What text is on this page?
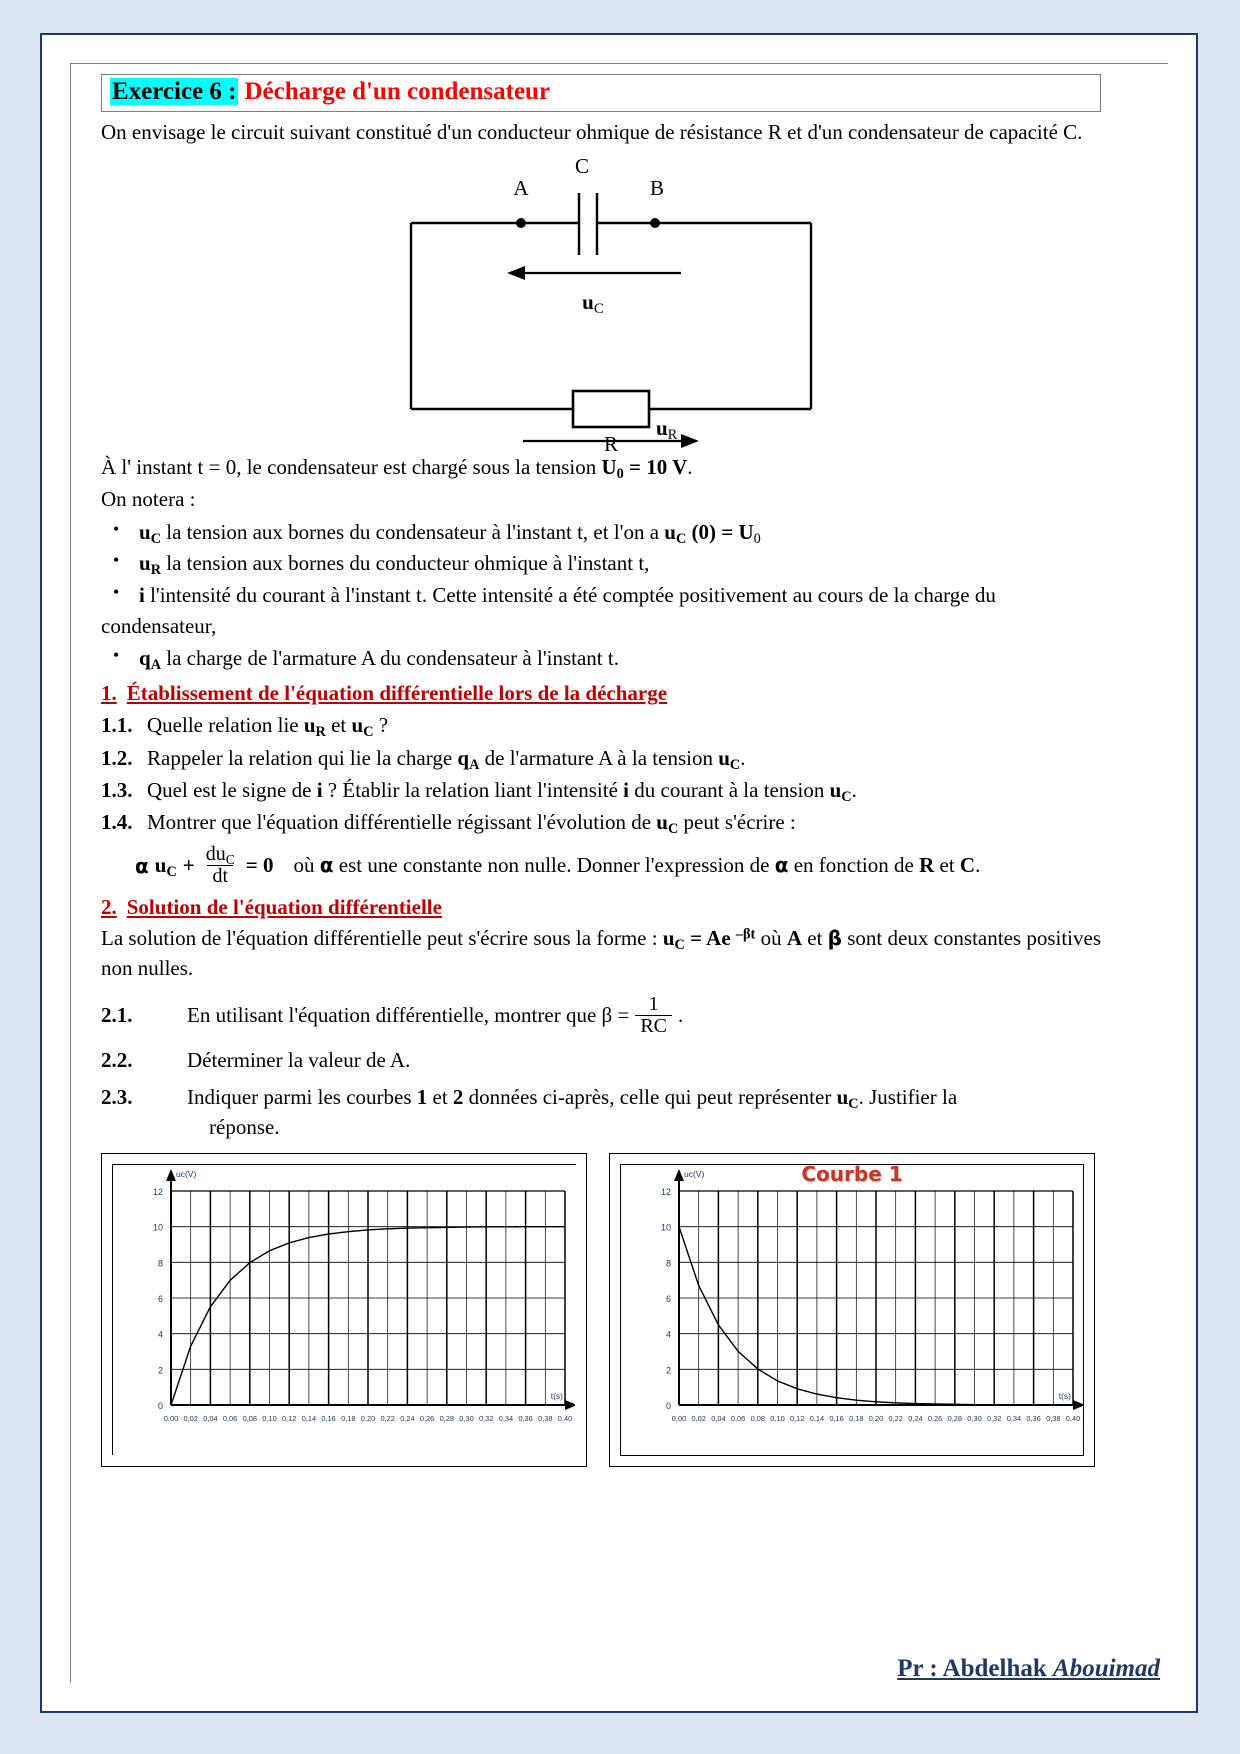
Exercice 6 : Décharge d'un condensateur

On envisage le circuit suivant constitué d'un conducteur ohmique de résistance R et d'un condensateur de capacité C.

C
A	B
R
uC
$u_R$

À l' instant t = 0, le condensateur est chargé sous la tension $U_0 = 10$ V.

On notera :

• $u_C$ la tension aux bornes du condensateur à l'instant t, et l'on a $u_C$ $(0) = U_0$
• $u_R$ la tension aux bornes du conducteur ohmique à l'instant t,
• i l'intensité du courant à l'instant t. Cette intensité a été comptée positivement au cours de la charge du
condensateur,
• $q_A$ la charge de l'armature A du condensateur à l'instant t.
1. Établissement de l'équation différentielle lors de la décharge
1.1. Quelle relation lie $u_R$ et $u_C$ ?
1.2. Rappeler la relation qui lie la charge $q_A$ de l'armature A à la tension $u_C$.
1.3. Quel est le signe de i ? Établir la relation liant l'intensité i du courant à la tension $u_C$.
1.4. Montrer que l'équation différentielle régissant l'évolution de $u_C$ peut s'écrire :
α $u_C + \frac{du_C}{dt} = 0$ où α est une constante non nulle. Donner l'expression de α en fonction de R et C.
2. Solution de l'équation différentielle

La solution de l'équation différentielle peut s'écrire sous la forme : $u_C = Ae$ $^{-\beta t}$ où A et β sont deux constantes positives non nulles.

2.1.	En utilisant l'équation différentielle, montrer que $\beta = \frac{1}{RC}$ .
2.2.	Déterminer la valeur de A.
2.3.	Indiquer parmi les courbes 1 et 2 données ci-après, celle qui peut représenter $u_C$. Justifier la
réponse.
12
10
8
6
4
2
0
0,00 0,02 0,04 0,06 0,08 0,10 0,12 0,14 0,16 0,18 0,20 0,22 0,24 0,26 0,28 0,30 0,32 0,34 0,36 0,38 0,40
uc(V)
t(s)
Courbe 1
12
10
8
6
4
2
0
0,00 0,02 0,04 0,06 0,08 0,10 0,12 0,14 0,16 0,18 0,20 0,22 0,24 0,26 0,28 0,30 0,32 0,34 0,36 0,38 0,40
uc(V)
t(s)
Pr : Abdelhak Abouimad
